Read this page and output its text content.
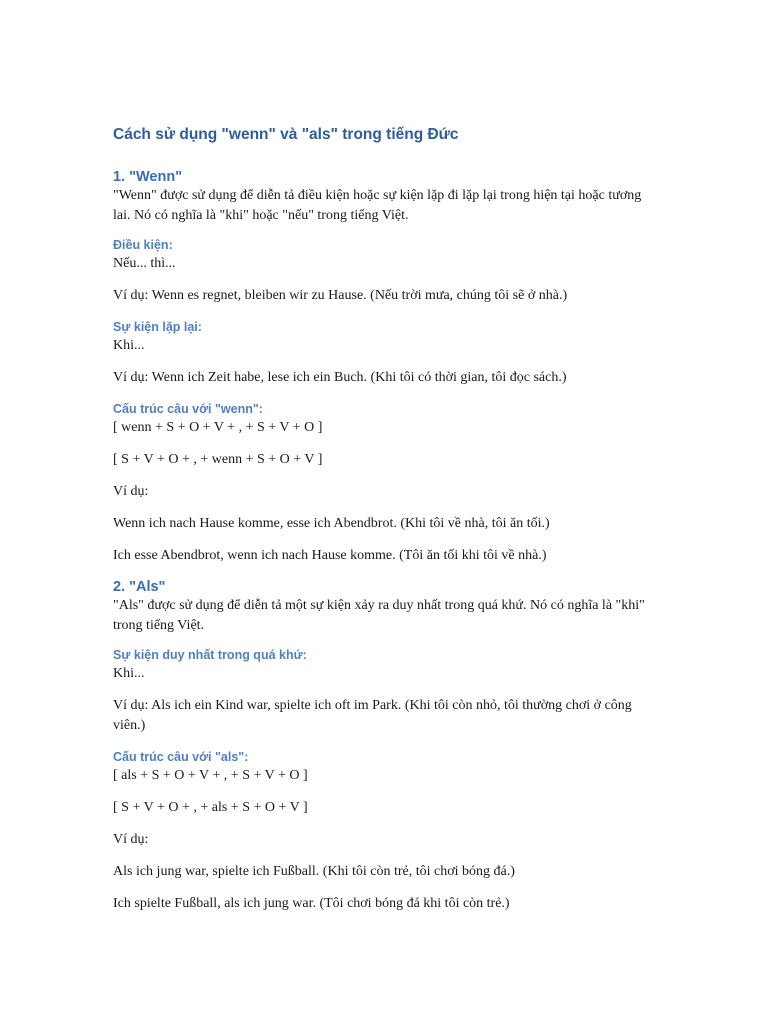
Cách sử dụng "wenn" và "als" trong tiếng Đức
1. "Wenn"
"Wenn" được sử dụng để diễn tả điều kiện hoặc sự kiện lặp đi lặp lại trong hiện tại hoặc tương lai. Nó có nghĩa là "khi" hoặc "nếu" trong tiếng Việt.
Điều kiện:
Nếu... thì...
Ví dụ: Wenn es regnet, bleiben wir zu Hause. (Nếu trời mưa, chúng tôi sẽ ở nhà.)
Sự kiện lặp lại:
Khi...
Ví dụ: Wenn ich Zeit habe, lese ich ein Buch. (Khi tôi có thời gian, tôi đọc sách.)
Cấu trúc câu với "wenn":
[ wenn + S + O + V + , + S + V + O ]
[ S + V + O + , + wenn + S + O + V ]
Ví dụ:
Wenn ich nach Hause komme, esse ich Abendbrot. (Khi tôi về nhà, tôi ăn tối.)
Ich esse Abendbrot, wenn ich nach Hause komme. (Tôi ăn tối khi tôi về nhà.)
2. "Als"
"Als" được sử dụng để diễn tả một sự kiện xảy ra duy nhất trong quá khứ. Nó có nghĩa là "khi" trong tiếng Việt.
Sự kiện duy nhất trong quá khứ:
Khi...
Ví dụ: Als ich ein Kind war, spielte ich oft im Park. (Khi tôi còn nhỏ, tôi thường chơi ở công viên.)
Cấu trúc câu với "als":
[ als + S + O + V + , + S + V + O ]
[ S + V + O + , + als + S + O + V ]
Ví dụ:
Als ich jung war, spielte ich Fußball. (Khi tôi còn trẻ, tôi chơi bóng đá.)
Ich spielte Fußball, als ich jung war. (Tôi chơi bóng đá khi tôi còn trẻ.)
